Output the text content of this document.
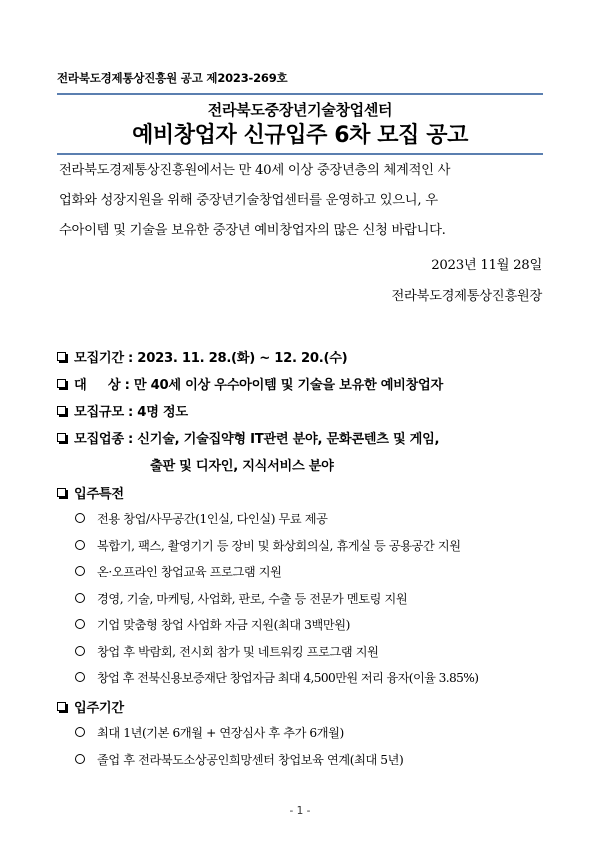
전라북도경제통상진흥원 공고 제2023-269호
전라북도중장년기술창업센터
예비창업자 신규입주 6차 모집 공고
전라북도경제통상진흥원에서는 만 40세 이상 중장년층의 체계적인 사
업화와 성장지원을 위해 중장년기술창업센터를 운영하고 있으니, 우
수아이템 및 기술을 보유한 중장년 예비창업자의 많은 신청 바랍니다.
2023년 11월 28일
전라북도경제통상진흥원장
모집기간 : 2023. 11. 28.(화) ~ 12. 20.(수)
대     상 : 만 40세 이상 우수아이템 및 기술을 보유한 예비창업자
모집규모 : 4명 정도
모집업종 : 신기술, 기술집약형 IT관련 분야, 문화콘텐츠 및 게임,
출판 및 디자인, 지식서비스 분야
입주특전
전용 창업/사무공간(1인실, 다인실) 무료 제공
복합기, 팩스, 촬영기기 등 장비 및 화상회의실, 휴게실 등 공용공간 지원
온·오프라인 창업교육 프로그램 지원
경영, 기술, 마케팅, 사업화, 판로, 수출 등 전문가 멘토링 지원
기업 맞춤형 창업 사업화 자금 지원(최대 3백만원)
창업 후 박람회, 전시회 참가 및 네트워킹 프로그램 지원
창업 후 전북신용보증재단 창업자금 최대 4,500만원 저리 융자(이율 3.85%)
입주기간
최대 1년(기본 6개월 + 연장심사 후 추가 6개월)
졸업 후 전라북도소상공인희망센터 창업보육 연계(최대 5년)
- 1 -
